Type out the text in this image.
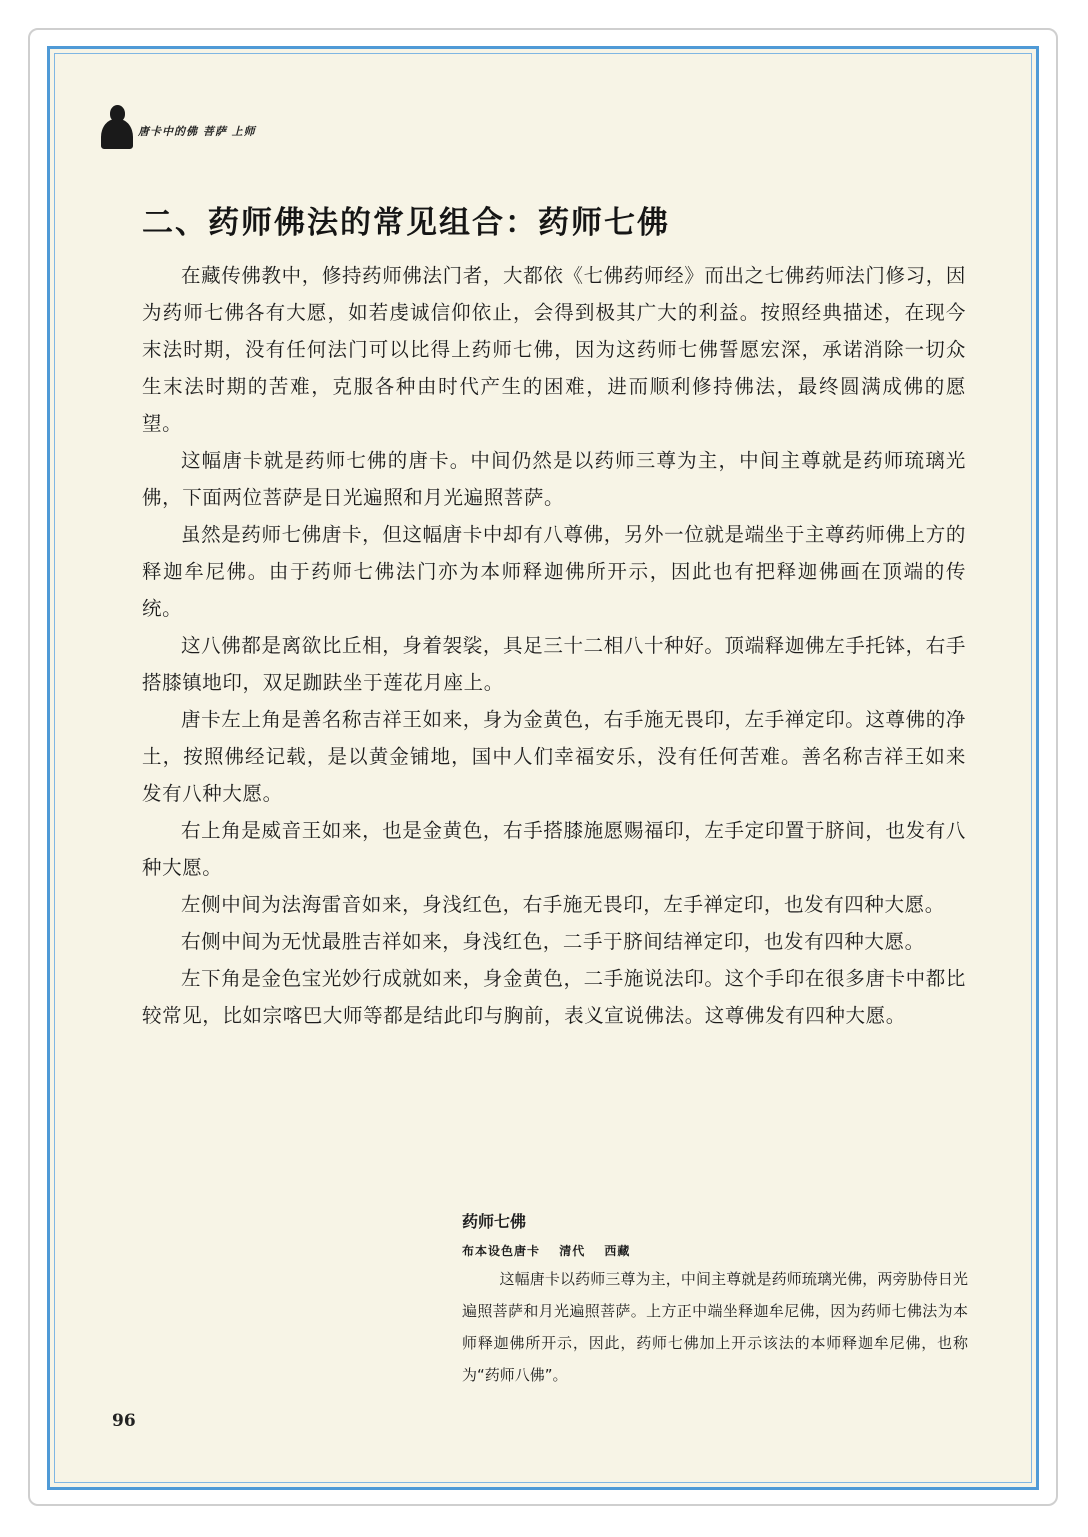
唐卡中的佛 菩萨 上师
二、药师佛法的常见组合：药师七佛

在藏传佛教中，修持药师佛法门者，大都依《七佛药师经》而出之七佛药师法门修习，因为药师七佛各有大愿，如若虔诚信仰依止，会得到极其广大的利益。按照经典描述，在现今末法时期，没有任何法门可以比得上药师七佛，因为这药师七佛誓愿宏深，承诺消除一切众生末法时期的苦难，克服各种由时代产生的困难，进而顺利修持佛法，最终圆满成佛的愿望。

这幅唐卡就是药师七佛的唐卡。中间仍然是以药师三尊为主，中间主尊就是药师琉璃光佛，下面两位菩萨是日光遍照和月光遍照菩萨。

虽然是药师七佛唐卡，但这幅唐卡中却有八尊佛，另外一位就是端坐于主尊药师佛上方的释迦牟尼佛。由于药师七佛法门亦为本师释迦佛所开示，因此也有把释迦佛画在顶端的传统。

这八佛都是离欲比丘相，身着袈裟，具足三十二相八十种好。顶端释迦佛左手托钵，右手搭膝镇地印，双足跏趺坐于莲花月座上。

唐卡左上角是善名称吉祥王如来，身为金黄色，右手施无畏印，左手禅定印。这尊佛的净土，按照佛经记载，是以黄金铺地，国中人们幸福安乐，没有任何苦难。善名称吉祥王如来发有八种大愿。

右上角是威音王如来，也是金黄色，右手搭膝施愿赐福印，左手定印置于脐间，也发有八种大愿。

左侧中间为法海雷音如来，身浅红色，右手施无畏印，左手禅定印，也发有四种大愿。

右侧中间为无忧最胜吉祥如来，身浅红色，二手于脐间结禅定印，也发有四种大愿。

左下角是金色宝光妙行成就如来，身金黄色，二手施说法印。这个手印在很多唐卡中都比较常见，比如宗喀巴大师等都是结此印与胸前，表义宣说佛法。这尊佛发有四种大愿。

药师七佛

布本设色唐卡 清代 西藏

这幅唐卡以药师三尊为主，中间主尊就是药师琉璃光佛，两旁胁侍日光遍照菩萨和月光遍照菩萨。上方正中端坐释迦牟尼佛，因为药师七佛法为本师释迦佛所开示，因此，药师七佛加上开示该法的本师释迦牟尼佛，也称为“药师八佛”。

96
